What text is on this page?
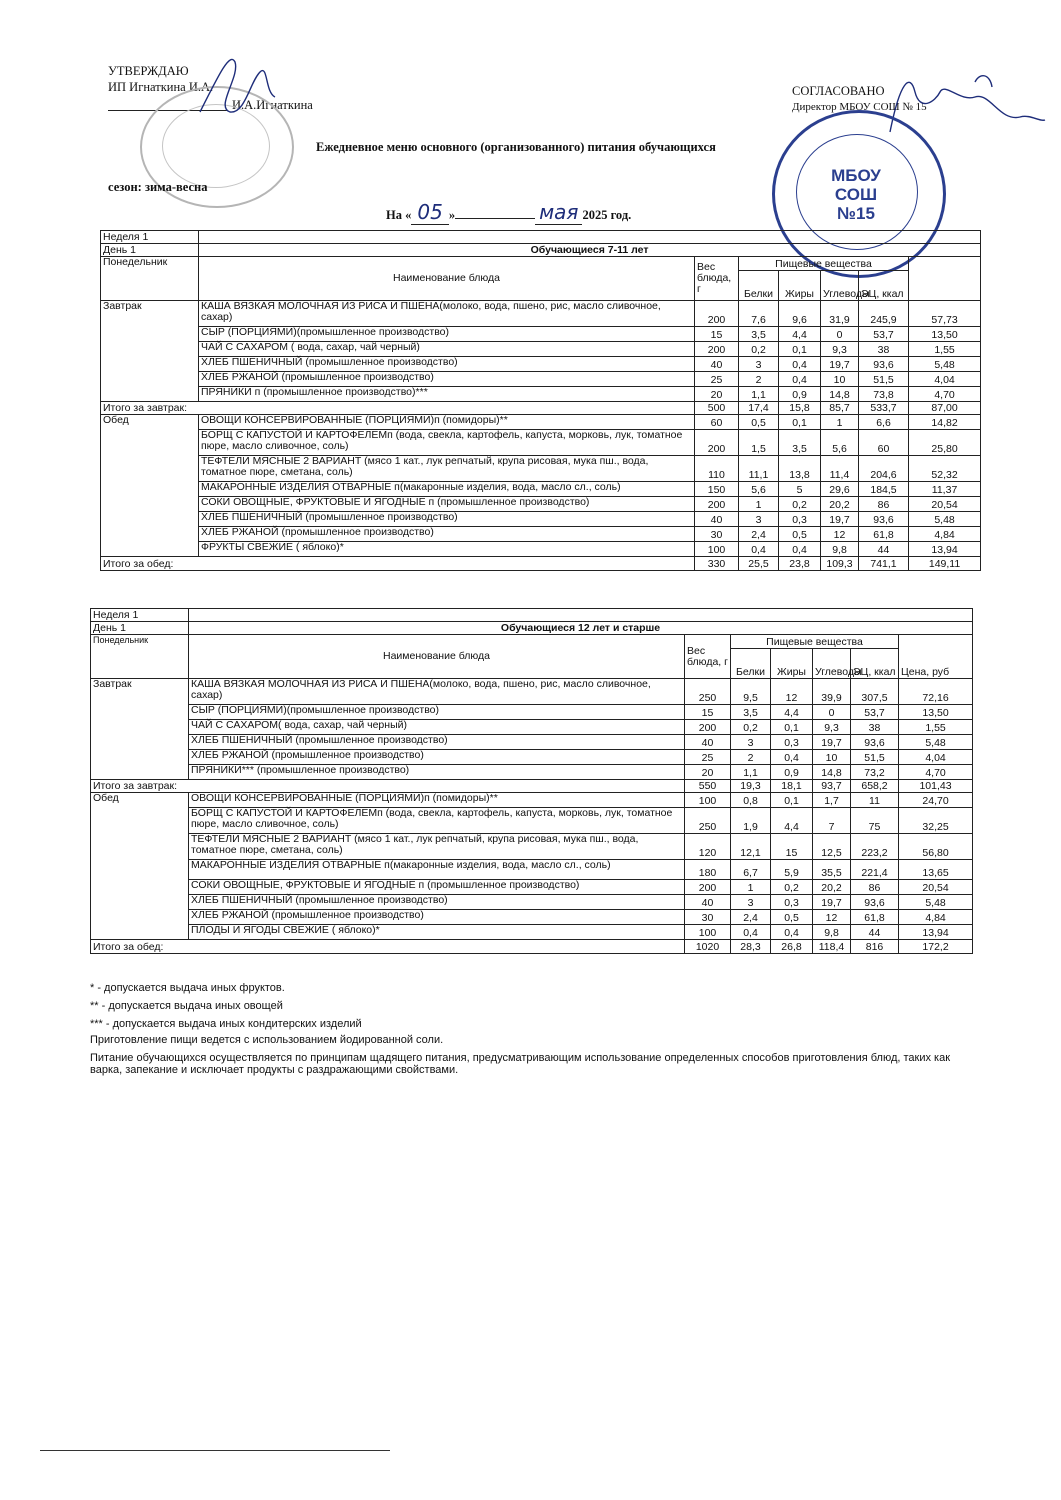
УТВЕРЖДАЮ
ИП Игнаткина И.А.
И.А.Игнаткина
СОГЛАСОВАНО
Директор МБОУ СОШ № 15
МБОУ СОШ №15
Ежедневное меню основного (организованного) питания обучающихся
сезон: зима-весна
На « 05 »	мая 2025 год.
Неделя 1							
День 1	Обучающиеся 7-11 лет						
Понедельник	Наименование блюда	Вес блюда, г	Пищевые вещества				
			Белки	Жиры	Углеводы	ЭЦ, ккал	
Завтрак	КАША ВЯЗКАЯ МОЛОЧНАЯ ИЗ РИСА И ПШЕНА(молоко, вода, пшено, рис, масло сливочное, сахар)	200	7,6	9,6	31,9	245,9	57,73
	СЫР (ПОРЦИЯМИ)(промышленное производство)	15	3,5	4,4	0	53,7	13,50
	ЧАЙ С САХАРОМ ( вода, сахар, чай черный)	200	0,2	0,1	9,3	38	1,55
	ХЛЕБ ПШЕНИЧНЫЙ (промышленное производство)	40	3	0,4	19,7	93,6	5,48
	ХЛЕБ РЖАНОЙ (промышленное производство)	25	2	0,4	10	51,5	4,04
	ПРЯНИКИ п (промышленное производство)***	20	1,1	0,9	14,8	73,8	4,70
Итого за завтрак:		500	17,4	15,8	85,7	533,7	87,00
Обед	ОВОЩИ КОНСЕРВИРОВАННЫЕ (ПОРЦИЯМИ)п (помидоры)**	60	0,5	0,1	1	6,6	14,82
	БОРЩ С КАПУСТОЙ И КАРТОФЕЛЕМп (вода, свекла, картофель, капуста, морковь, лук, томатное пюре, масло сливочное, соль)	200	1,5	3,5	5,6	60	25,80
	ТЕФТЕЛИ МЯСНЫЕ 2 ВАРИАНТ (мясо 1 кат., лук репчатый, крупа рисовая, мука пш., вода, томатное пюре, сметана, соль)	110	11,1	13,8	11,4	204,6	52,32
	МАКАРОННЫЕ ИЗДЕЛИЯ ОТВАРНЫЕ п(макаронные изделия, вода, масло сл., соль)	150	5,6	5	29,6	184,5	11,37
	СОКИ ОВОЩНЫЕ, ФРУКТОВЫЕ И ЯГОДНЫЕ п (промышленное производство)	200	1	0,2	20,2	86	20,54
	ХЛЕБ ПШЕНИЧНЫЙ (промышленное производство)	40	3	0,3	19,7	93,6	5,48
	ХЛЕБ РЖАНОЙ (промышленное производство)	30	2,4	0,5	12	61,8	4,84
	ФРУКТЫ СВЕЖИЕ ( яблоко)*	100	0,4	0,4	9,8	44	13,94
Итого за обед:		330	25,5	23,8	109,3	741,1	149,11
Неделя 1							
День 1	Обучающиеся 12 лет и старше						
Понедельник	Наименование блюда	Вес блюда, г	Пищевые вещества				Цена, руб
			Белки	Жиры	Углеводы	ЭЦ, ккал	
Завтрак	КАША ВЯЗКАЯ МОЛОЧНАЯ ИЗ РИСА И ПШЕНА(молоко, вода, пшено, рис, масло сливочное, сахар)	250	9,5	12	39,9	307,5	72,16
	СЫР (ПОРЦИЯМИ)(промышленное производство)	15	3,5	4,4	0	53,7	13,50
	ЧАЙ С САХАРОМ( вода, сахар, чай черный)	200	0,2	0,1	9,3	38	1,55
	ХЛЕБ ПШЕНИЧНЫЙ (промышленное производство)	40	3	0,3	19,7	93,6	5,48
	ХЛЕБ РЖАНОЙ (промышленное производство)	25	2	0,4	10	51,5	4,04
	ПРЯНИКИ*** (промышленное производство)	20	1,1	0,9	14,8	73,2	4,70
Итого за завтрак:		550	19,3	18,1	93,7	658,2	101,43
Обед	ОВОЩИ КОНСЕРВИРОВАННЫЕ (ПОРЦИЯМИ)п (помидоры)**	100	0,8	0,1	1,7	11	24,70
	БОРЩ С КАПУСТОЙ И КАРТОФЕЛЕМп (вода, свекла, картофель, капуста, морковь, лук, томатное пюре, масло сливочное, соль)	250	1,9	4,4	7	75	32,25
	ТЕФТЕЛИ МЯСНЫЕ 2 ВАРИАНТ (мясо 1 кат., лук репчатый, крупа рисовая, мука пш., вода, томатное пюре, сметана, соль)	120	12,1	15	12,5	223,2	56,80
	МАКАРОННЫЕ ИЗДЕЛИЯ ОТВАРНЫЕ п(макаронные изделия, вода, масло сл., соль)	180	6,7	5,9	35,5	221,4	13,65
	СОКИ ОВОЩНЫЕ, ФРУКТОВЫЕ И ЯГОДНЫЕ п (промышленное производство)	200	1	0,2	20,2	86	20,54
	ХЛЕБ ПШЕНИЧНЫЙ (промышленное производство)	40	3	0,3	19,7	93,6	5,48
	ХЛЕБ РЖАНОЙ (промышленное производство)	30	2,4	0,5	12	61,8	4,84
	ПЛОДЫ И ЯГОДЫ СВЕЖИЕ ( яблоко)*	100	0,4	0,4	9,8	44	13,94
Итого за обед:		1020	28,3	26,8	118,4	816	172,2
* - допускается выдача иных фруктов.
** - допускается выдача иных овощей
*** - допускается выдача иных кондитерских изделий
Приготовление пищи ведется с использованием йодированной соли.
Питание обучающихся осуществляется по принципам щадящего питания, предусматривающим использование определенных способов приготовления блюд, таких как варка, запекание и исключает продукты с раздражающими свойствами.
